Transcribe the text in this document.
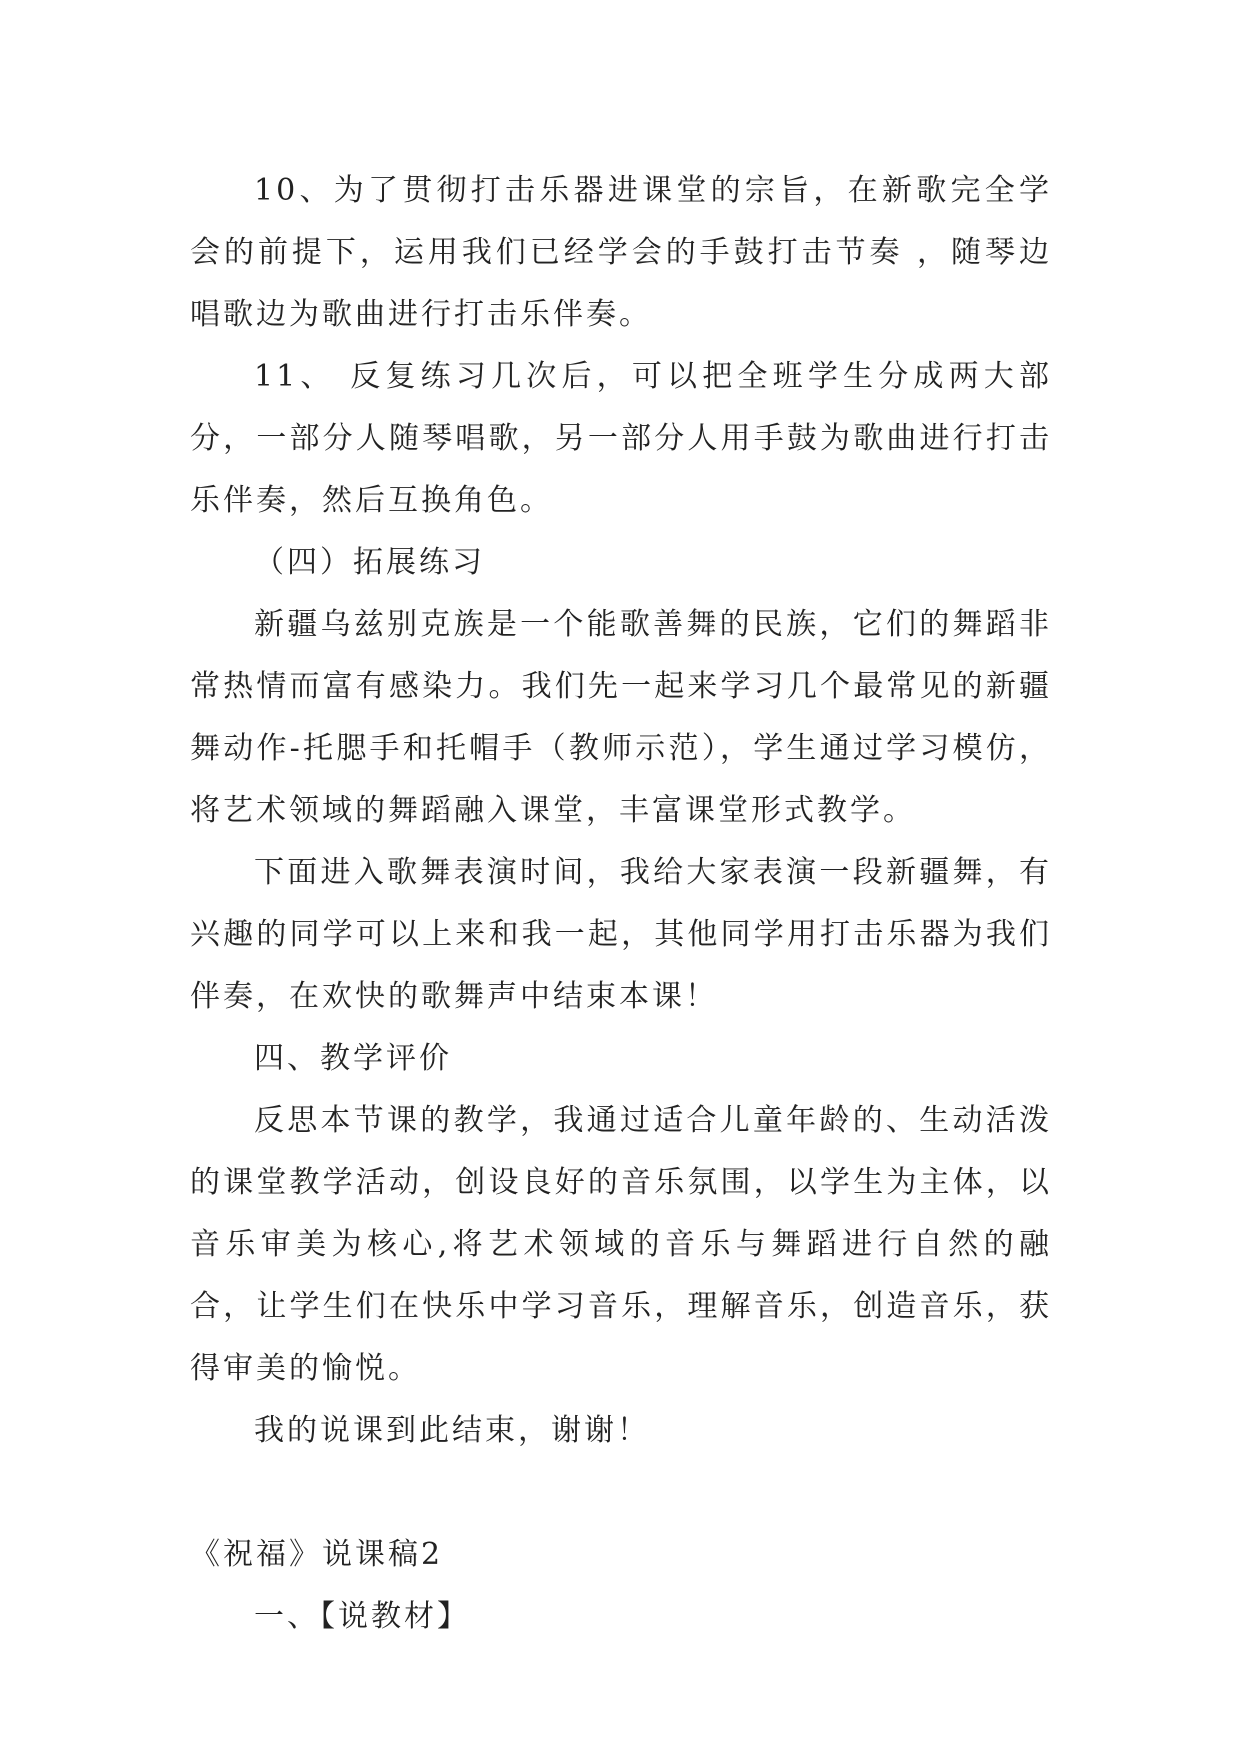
10、为了贯彻打击乐器进课堂的宗旨，在新歌完全学会的前提下，运用我们已经学会的手鼓打击节奏 ，随琴边唱歌边为歌曲进行打击乐伴奏。

11、 反复练习几次后，可以把全班学生分成两大部分，一部分人随琴唱歌，另一部分人用手鼓为歌曲进行打击乐伴奏，然后互换角色。

（四）拓展练习

新疆乌兹别克族是一个能歌善舞的民族，它们的舞蹈非常热情而富有感染力。我们先一起来学习几个最常见的新疆舞动作-托腮手和托帽手（教师示范），学生通过学习模仿，将艺术领域的舞蹈融入课堂，丰富课堂形式教学。

下面进入歌舞表演时间，我给大家表演一段新疆舞，有兴趣的同学可以上来和我一起，其他同学用打击乐器为我们伴奏，在欢快的歌舞声中结束本课！

四、教学评价

反思本节课的教学，我通过适合儿童年龄的、生动活泼的课堂教学活动，创设良好的音乐氛围，以学生为主体，以音乐审美为核心,将艺术领域的音乐与舞蹈进行自然的融合，让学生们在快乐中学习音乐，理解音乐，创造音乐，获得审美的愉悦。

我的说课到此结束，谢谢！

《祝福》说课稿2

一、【说教材】
